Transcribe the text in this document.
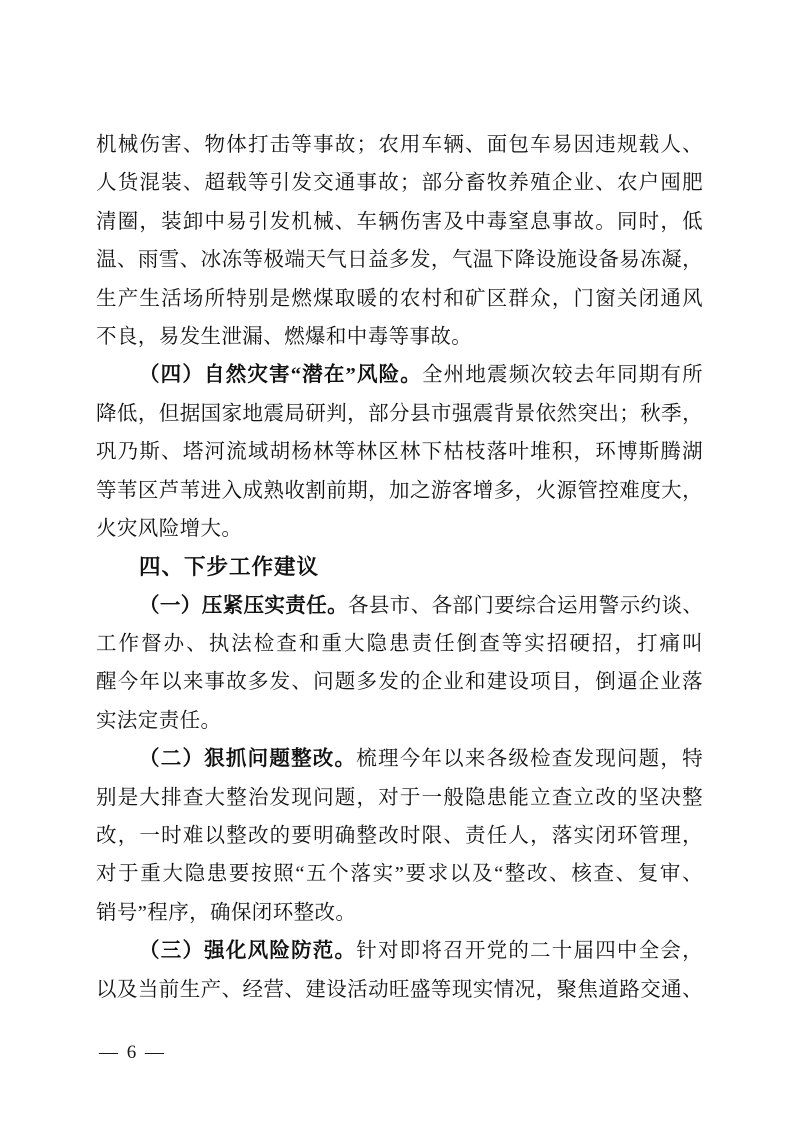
机械伤害、物体打击等事故；农用车辆、面包车易因违规载人、
人货混装、超载等引发交通事故；部分畜牧养殖企业、农户囤肥
清圈，装卸中易引发机械、车辆伤害及中毒窒息事故。同时，低
温、雨雪、冰冻等极端天气日益多发，气温下降设施设备易冻凝，
生产生活场所特别是燃煤取暖的农村和矿区群众，门窗关闭通风
不良，易发生泄漏、燃爆和中毒等事故。
（四）自然灾害“潜在”风险。全州地震频次较去年同期有所
降低，但据国家地震局研判，部分县市强震背景依然突出；秋季，
巩乃斯、塔河流域胡杨林等林区林下枯枝落叶堆积，环博斯腾湖
等苇区芦苇进入成熟收割前期，加之游客增多，火源管控难度大，
火灾风险增大。
四、下步工作建议
（一）压紧压实责任。各县市、各部门要综合运用警示约谈、
工作督办、执法检查和重大隐患责任倒查等实招硬招，打痛叫
醒今年以来事故多发、问题多发的企业和建设项目，倒逼企业落
实法定责任。
（二）狠抓问题整改。梳理今年以来各级检查发现问题，特
别是大排查大整治发现问题，对于一般隐患能立查立改的坚决整
改，一时难以整改的要明确整改时限、责任人，落实闭环管理，
对于重大隐患要按照“五个落实”要求以及“整改、核查、复审、
销号”程序，确保闭环整改。
（三）强化风险防范。针对即将召开党的二十届四中全会，
以及当前生产、经营、建设活动旺盛等现实情况，聚焦道路交通、
— 6 —
